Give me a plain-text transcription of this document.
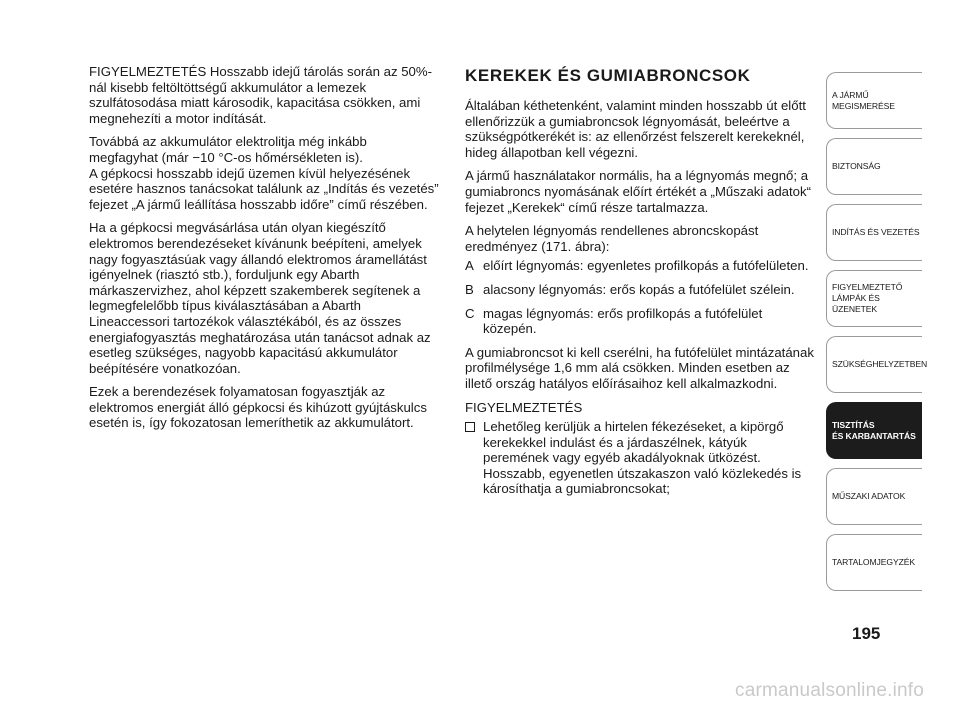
FIGYELMEZTETÉS Hosszabb idejű tárolás során az 50%-nál kisebb feltöltöttségű akkumulátor a lemezek szulfátosodása miatt károsodik, kapacitása csökken, ami megnehezíti a motor indítását.

Továbbá az akkumulátor elektrolitja még inkább megfagyhat (már −10 °C-os hőmérsékleten is).

A gépkocsi hosszabb idejű üzemen kívül helyezésének esetére hasznos tanácsokat találunk az „Indítás és vezetés” fejezet „A jármű leállítása hosszabb időre” című részében.

Ha a gépkocsi megvásárlása után olyan kiegészítő elektromos berendezéseket kívánunk beépíteni, amelyek nagy fogyasztásúak vagy állandó elektromos áramellátást igényelnek (riasztó stb.), forduljunk egy Abarth márkaszervizhez, ahol képzett szakemberek segítenek a legmegfelelőbb típus kiválasztásában a Abarth Lineaccessori tartozékok választékából, és az összes energiafogyasztás meghatározása után tanácsot adnak az esetleg szükséges, nagyobb kapacitású akkumulátor beépítésére vonatkozóan.

Ezek a berendezések folyamatosan fogyasztják az elektromos energiát álló gépkocsi és kihúzott gyújtáskulcs esetén is, így fokozatosan lemeríthetik az akkumulátort.

KEREKEK ÉS GUMIABRONCSOK

Általában kéthetenként, valamint minden hosszabb út előtt ellenőrizzük a gumiabroncsok légnyomását, beleértve a szükségpótkerékét is: az ellenőrzést felszerelt kerekeknél, hideg állapotban kell végezni.

A jármű használatakor normális, ha a légnyomás megnő; a gumiabroncs nyomásának előírt értékét a „Műszaki adatok“ fejezet „Kerekek“ című része tartalmazza.

A helytelen légnyomás rendellenes abroncskopást eredményez (171. ábra):

A előírt légnyomás: egyenletes profilkopás a futófelületen.
B alacsony légnyomás: erős kopás a futófelület szélein.
C magas légnyomás: erős profilkopás a futófelület közepén.

A gumiabroncsot ki kell cserélni, ha futófelület mintázatának profilmélysége 1,6 mm alá csökken. Minden esetben az illető ország hatályos előírásaihoz kell alkalmazkodni.

FIGYELMEZTETÉS

Lehetőleg kerüljük a hirtelen fékezéseket, a kipörgő kerekekkel indulást és a járdaszélnek, kátyúk peremének vagy egyéb akadályoknak ütközést. Hosszabb, egyenetlen útszakaszon való közlekedés is károsíthatja a gumiabroncsokat;
A JÁRMŰ
MEGISMERÉSE
BIZTONSÁG
INDÍTÁS ÉS VEZETÉS
FIGYELMEZTETŐ
LÁMPÁK ÉS ÜZENETEK
SZÜKSÉGHELYZETBEN
TISZTÍTÁS
ÉS KARBANTARTÁS
MŰSZAKI ADATOK
TARTALOMJEGYZÉK
195
carmanualsonline.info
